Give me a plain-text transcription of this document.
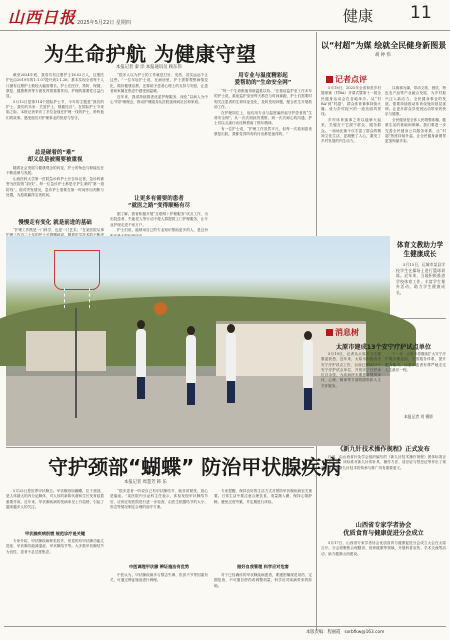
山西日报 2025年5月22日 星期四	健康 11
为生命护航 为健康守望
本报记者 秦 洋 本报通讯员 顾东伟

截至2024年底，我省共有注册护士16.02万人，注册医护比由2019年的1:1.07提升到1:1.26，基本实现全省每千人口拥有注册护士数较大幅度增长。护士在医疗、预防、保健、康复、健康教育等方面发挥着重要作用，护理的重要性日益凸显。

5月12日是第114个国际护士节，今年的主题是“我们的护士，我们的未来：关爱护士，强健经济”。在国际护士节来临之际，本报记者采访了多位奋战在护理一线的护士，聆听他们的故事，感受他们对护理事业的热爱与坚守。

总是碰着的“难”
却又总是被需要被重视

随着社会发展与健康观念的转变，护士的角色与职能也在不断延伸与发展。

山西医科大学第一医院急诊科护士长告诉记者，急诊科被誉为医院的“前线”，每一位急诊护士都是守护生命的“第一道防线”。面对突发情况，急诊护士需要在第一时间作出判断与处置，为抢救赢得宝贵时间。

慢慢走有变化 就是前进的基础

“护理工作既是一门科学，也是一门艺术。”在某医院从事

“很多人以为护士的工作就是打针、发药，其实远远不止这些。”一位年轻护士说，在病房里，护士需要观察病情变化，做好健康宣教，还要给予患者心理上的支持与安慰，让患者和家属在焦虑中感受到温暖。

近年来，我省持续推进优质护理服务，深化“以病人为中心”的护理理念，推动护理服务从医院延伸到社区和家庭。

让更多有需要的患者
“就医之路”变得顺畅有尽

据了解，我省积极开展“互联网＋护理服务”试点工作，为出院患者、失能老人等行动不便人群提供上门护理服务，让专业护理走进千家万户。

护士们说，能够用自己的专业知识帮助更多的人，是这份

用专业与温度精彩起
爱帮助的“生命安全网”

“每一个生命都值得被温柔以待。”在重症监护室工作多年的护士说，重症监护室里每天都在与时间赛跑，护士们需要时刻关注患者的生命体征变化，及时发现问题，配合医生开展救治工作。

在护理岗位上，他们用专业与温度编织起守护患者的“生命安全网”。从一次次细致的观察，到一次次耐心的沟通，护士们以点滴行动诠释着南丁格尔精神。

有一位护士说，“护理工作虽然平凡，但每一次看到患者康复出院，我都觉得所有的付出都是值得的。”

体育文教助力学生健康成长

5月15日，运城市某县学校学生在操场上进行篮球训练。近年来，当地积极推进学校体育工作，丰富学生课外活动，助力学生健康成长。

本报记者 刘 摄影
守护颈部“蝴蝶” 防治甲状腺疾病
本报记者 周慧芳 韩 乐

5月25日是世界甲状腺日。甲状腺形如蝴蝶，位于颈部，是人体最大的内分泌腺体，对人体的新陈代谢和生长发育起着重要作用。近年来，甲状腺疾病的发病率呈上升趋势，引起了越来越多人的关注。

甲状腺疾病别慌 规范诊疗是关键

专家介绍，甲状腺疾病种类较多，常见的有甲状腺功能亢进症、甲状腺功能减退症、甲状腺结节等。大多数甲状腺结节为良性，患者不必过度焦虑。

“很多患者一听说自己有甲状腺结节，就非常紧张，担心是癌症。”某医院内分泌科主任表示，体检发现甲状腺结节后，应到正规医院进行进一步检查，由医生根据结节的大小、形态等情况制定合理的治疗方案。

中医调理甲状腺 辨证施治有优势

中医认为，甲状腺疾病多与情志失调、饮食不节等因素有关，可通过辨证施治进行调理。

专家提醒，保持良好的生活方式对预防甲状腺疾病至关重要。日常生活中要注意合理饮食，适量摄入碘，保持心情舒畅，避免过度劳累，并定期进行体检。

做好自我管理 科学应对危害

对于已经确诊的甲状腺疾病患者，要遵医嘱规范用药，定期复查，不可擅自停药或调整剂量，科学应对疾病带来的影响。

以“村超”为媒 绘就全民健身新图景
胡 钟 伟
记者点评

5月18日，2025年全省和美乡村篮球赛（村BA）开幕式暨第十一届全民健身运动会在各地举办。从“村BA”到“村超”，群众体育赛事持续火爆，成为乡村振兴的一道亮丽风景线。

乡村体育赛事之所以能够火起来，关键在于它源于群众、服务群众。一场场比赛不仅丰富了群众的精神文化生活，更凝聚了人心，激发了乡村发展的内生动力。

以赛事为媒，带动文旅、餐饮、特色农产品等产业融合发展，为乡村振兴注入新活力。全民健身事业的发展，需要持续推动体育设施向基层延伸，让更多群众享受到运动带来的快乐与健康。

全民健身是全体人民增强体魄、健康生活的基础和保障。我们要进一步完善全民健身公共服务体系，让“村超”热度持续升温，让全民健身新图景更加绚丽多彩。

消息树
太原市建成13个安宁疗护试点单位

5月19日，记者从太原市卫生健康委获悉，近年来，太原市积极推进安宁疗护试点工作，目前已建成13个安宁疗护试点单位，开放安宁疗护床位百余张，为疾病终末期患者提供身体、心理、精神等方面的照料和人文关怀服务。

下一步，太原市将继续扩大安宁疗护服务覆盖面，完善服务体系，提升服务能力，让更多患者有尊严地走完人生最后一程。

《新九针技术操作规程》正式发布

日前，由山西省针灸学会组织编写的《新九针技术操作规程》团体标准正式发布实施。该标准对新九针的针具、操作方法、适应证与禁忌证等作出了规范，对推动新九针技术的传承与推广具有重要意义。

山西省专家学者协会
优质食育与健康促进分会成立

5月17日，山西省专家学者协会优质食育与健康促进分会成立大会在太原召开。分会将聚焦合理膳食、营养健康等领域，开展科普宣传、学术交流等活动，助力健康山西建设。

本版责编：程丽霞 sxrbfkw@163.com
